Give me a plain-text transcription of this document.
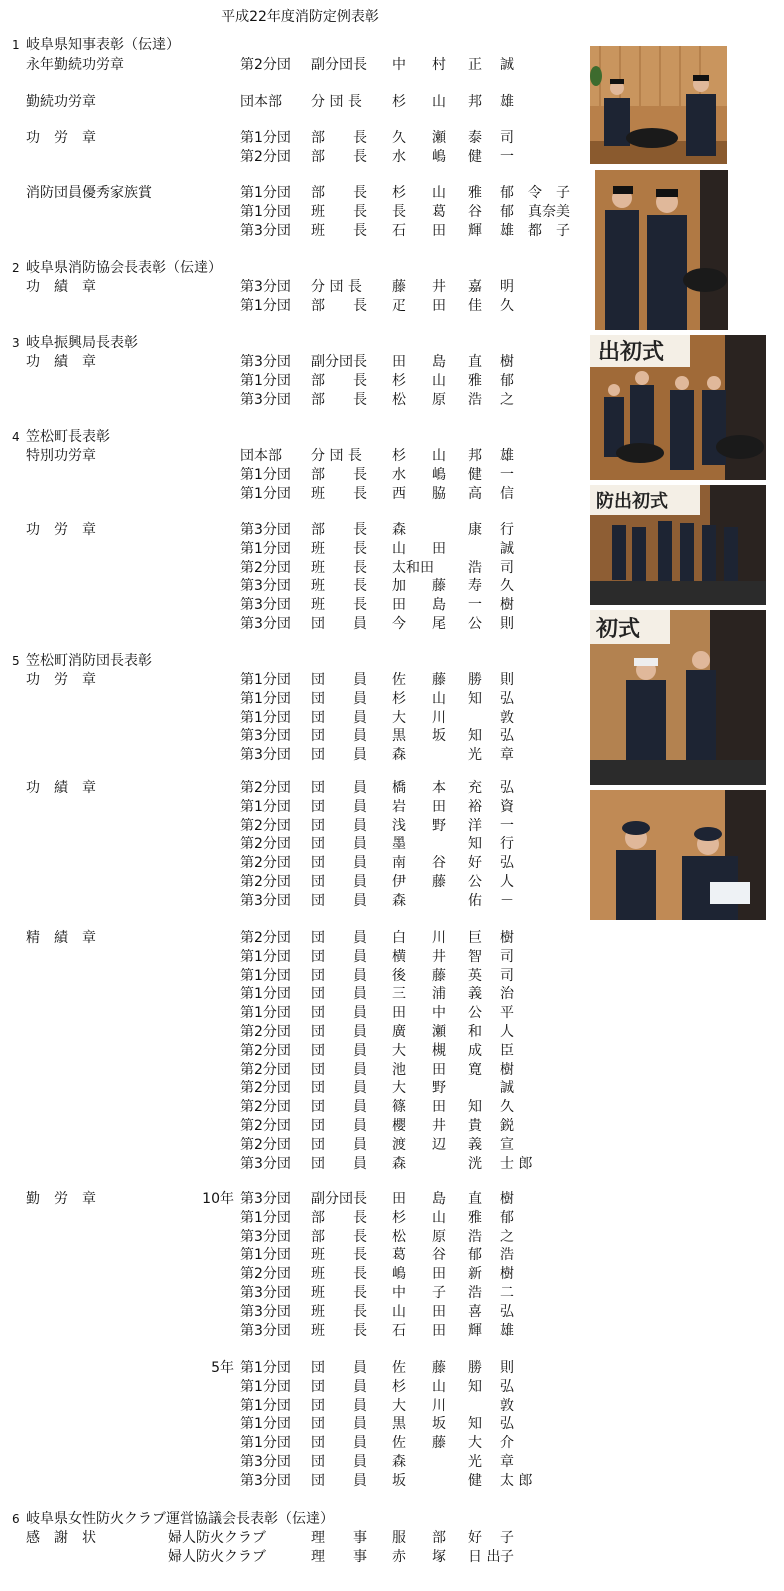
平成22年度消防定例表彰
1 岐阜県知事表彰（伝達）
永年勤続功労章	第2分団 副分団長 中 村 正 誠
勤続功労章	団本部 分 団 長 杉 山 邦 雄
功　労　章	第1分団 部　　長 久 瀬 泰 司
第2分団 部　　長 水 嶋 健 一
消防団員優秀家族賞	第1分団 部　　長 杉 山 雅 郁 令　子
第1分団 班　　長 長 葛 谷 郁 真奈美
第3分団 班　　長 石 田 輝 雄 都　子
2 岐阜県消防協会長表彰（伝達）
功　績　章	第3分団 分 団 長 藤 井 嘉 明
第1分団 部　　長 疋 田 佳 久
3 岐阜振興局長表彰
功　績　章	第3分団 副分団長 田 島 直 樹
第1分団 部　　長 杉 山 雅 郁
第3分団 部　　長 松 原 浩 之
4 笠松町長表彰
特別功労章	団本部 分 団 長 杉 山 邦 雄
第1分団 部　　長 水 嶋 健 一
第1分団 班　　長 西 脇 高 信
功　労　章	第3分団 部　　長 森	康 行
第1分団 班　　長 山 田	誠
第2分団 班　　長 太和田 浩 司
第3分団 班　　長 加 藤 寿 久
第3分団 班　　長 田 島 一 樹
第3分団 団　　員 今 尾 公 則
5 笠松町消防団長表彰
功　労　章	第1分団 団　　員 佐 藤 勝 則
第1分団 団　　員 杉 山 知 弘
第1分団 団　　員 大 川	敦
第3分団 団　　員 黒 坂 知 弘
第3分団 団　　員 森	光 章
功　績　章	第2分団 団　　員 橋 本 充 弘
第1分団 団　　員 岩 田 裕 資
第2分団 団　　員 浅 野 洋 一
第2分団 団　　員 墨	知 行
第2分団 団　　員 南 谷 好 弘
第2分団 団　　員 伊 藤 公 人
第3分団 団　　員 森	佑 －
精　績　章	第2分団 団　　員 白 川 巨 樹
第1分団 団　　員 横 井 智 司
第1分団 団　　員 後 藤 英 司
第1分団 団　　員 三 浦 義 治
第1分団 団　　員 田 中 公 平
第2分団 団　　員 廣 瀬 和 人
第2分団 団　　員 大 槻 成 臣
第2分団 団　　員 池 田 寛 樹
第2分団 団　　員 大 野	誠
第2分団 団　　員 篠 田 知 久
第2分団 団　　員 櫻 井 貴 鋭
第2分団 団　　員 渡 辺 義 宣
第3分団 団　　員 森	洸 士 郎
勤　労　章	10年 第3分団 副分団長 田 島 直 樹
第1分団 部　　長 杉 山 雅 郁
第3分団 部　　長 松 原 浩 之
第1分団 班　　長 葛 谷 郁 浩
第2分団 班　　長 嶋 田 新 樹
第3分団 班　　長 中 子 浩 二
第3分団 班　　長 山 田 喜 弘
第3分団 班　　長 石 田 輝 雄
5年 第1分団 団　　員 佐 藤 勝 則
第1分団 団　　員 杉 山 知 弘
第1分団 団　　員 大 川	敦
第1分団 団　　員 黒 坂 知 弘
第1分団 団　　員 佐 藤 大 介
第3分団 団　　員 森	光 章
第3分団 団　　員 坂	健 太 郎
6 岐阜県女性防火クラブ運営協議会長表彰（伝達）
感　謝　状	婦人防火クラブ	理　　事 服 部 好 子
婦人防火クラブ	理　　事 赤 塚 日 出 子
出初式
防出初式
初式
